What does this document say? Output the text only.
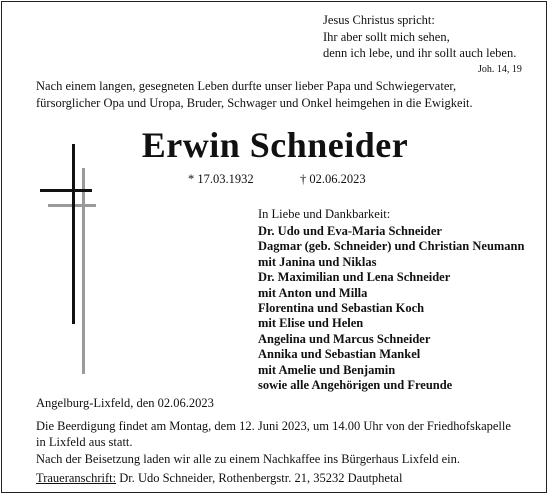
Jesus Christus spricht:
Ihr aber sollt mich sehen,
denn ich lebe, und ihr sollt auch leben.
Joh. 14, 19
Nach einem langen, gesegneten Leben durfte unser lieber Papa und Schwiegervater,
fürsorglicher Opa und Uropa, Bruder, Schwager und Onkel heimgehen in die Ewigkeit.
Erwin Schneider
* 17.03.1932	† 02.06.2023
In Liebe und Dankbarkeit:
Dr. Udo und Eva-Maria Schneider
Dagmar (geb. Schneider) und Christian Neumann
mit Janina und Niklas
Dr. Maximilian und Lena Schneider
mit Anton und Milla
Florentina und Sebastian Koch
mit Elise und Helen
Angelina und Marcus Schneider
Annika und Sebastian Mankel
mit Amelie und Benjamin
sowie alle Angehörigen und Freunde
Angelburg-Lixfeld, den 02.06.2023
Die Beerdigung findet am Montag, dem 12. Juni 2023, um 14.00 Uhr von der Friedhofskapelle
in Lixfeld aus statt.
Nach der Beisetzung laden wir alle zu einem Nachkaffee ins Bürgerhaus Lixfeld ein.
Traueranschrift: Dr. Udo Schneider, Rothenbergstr. 21, 35232 Dautphetal
